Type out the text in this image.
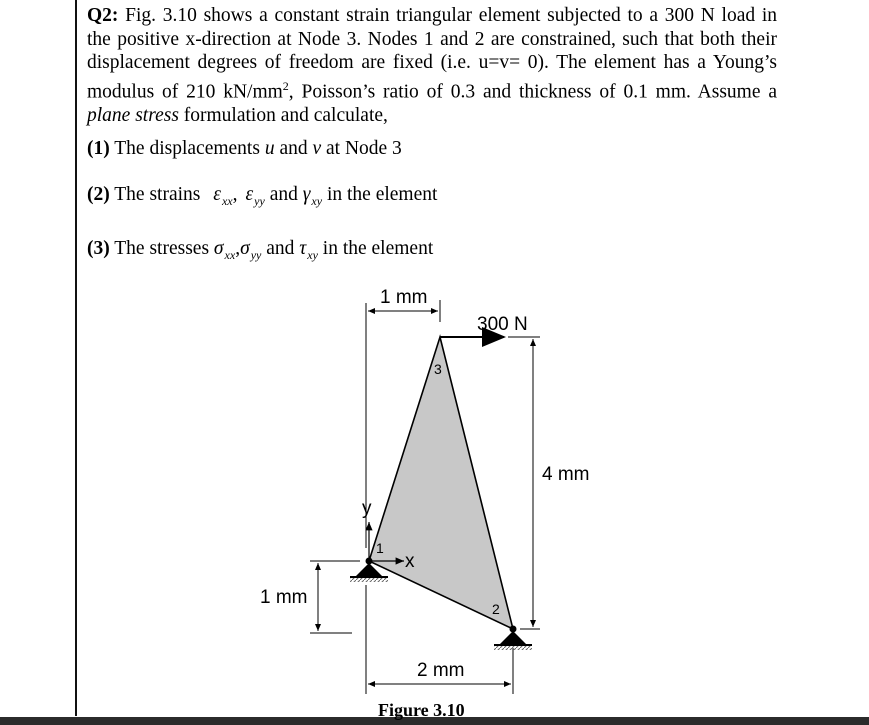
Q2: Fig. 3.10 shows a constant strain triangular element subjected to a 300 N load in the positive x-direction at Node 3. Nodes 1 and 2 are constrained, such that both their displacement degrees of freedom are fixed (i.e. u=v= 0). The element has a Young’s modulus of 210 $kN/mm^2$, Poisson’s ratio of 0.3 and thickness of 0.1 mm. Assume a plane stress formulation and calculate,
(1) The displacements u and v at Node 3
(2) The strains $\varepsilon_{xx}$, $\varepsilon_{yy}$ and $\gamma_{xy}$ in the element
(3) The stresses $\sigma_{xx},\sigma_{yy}$ and $\tau_{xy}$ in the element
1 mm
300 N
4 mm
1 mm
2 mm
y
x
1
2
3
Figure 3.10
